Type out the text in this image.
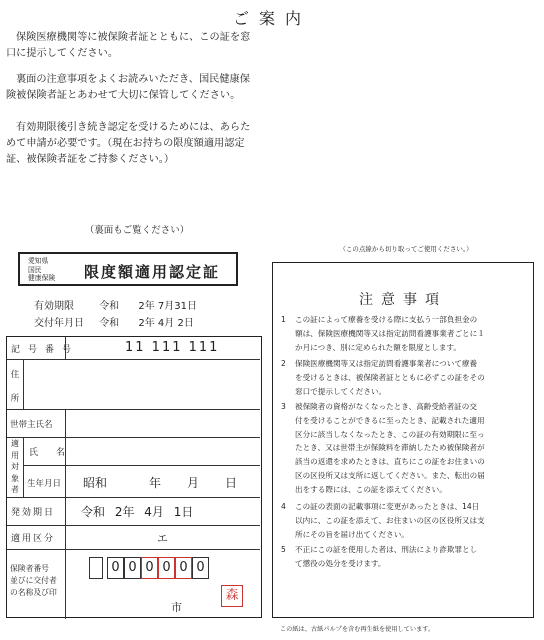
ご案内
保険医療機関等に被保険者証とともに、この証を窓
口に提示してください。
裏面の注意事項をよくお読みいただき、国民健康保
険被保険者証とあわせて大切に保管してください。
有効期限後引き続き認定を受けるためには、あらた
めて申請が必要です。（現在お持ちの限度額適用認定
証、被保険者証をご持参ください。）
（裏面もご覧ください）
（この点線から切り取ってご使用ください。）
愛知県
国民
健康保険 限度額適用認定証
有効期限	令和 2年 7月31日
交付年月日 令和 2年 4月 2日
記号番号	11 111 111
住

所
世帯主氏名
適
用
対
象
者
氏名
生年月日 昭和	年 月 日
発効期日 令和 2年 4月 1日
適用区分	エ
保険者番号
並びに交付者
の名称及び印
0 0 0 0 0 0
市
森
注意事項
1	この証によって療養を受ける際に支払う一部負担金の
額は、保険医療機関等又は指定訪問看護事業者ごとに１
か月につき、別に定められた額を限度とします。
2	保険医療機関等又は指定訪問看護事業者について療養
を受けるときは、被保険者証とともに必ずこの証をその
窓口で提示してください。
3	被保険者の資格がなくなったとき、高齢受給者証の交
付を受けることができるに至ったとき、記載された適用
区分に該当しなくなったとき、この証の有効期限に至っ
たとき、又は世帯主が保険料を滞納したため被保険者が
該当の返還を求めたときは、直ちにこの証をお住まいの
区の区役所又は支所に返してください。また、転出の届
出をする際には、この証を添えてください。
4	この証の表面の記載事項に変更があったときは、14日
以内に、この証を添えて、お住まいの区の区役所又は支
所にその旨を届け出てください。
5	不正にこの証を使用した者は、刑法により詐欺罪とし
て懲役の処分を受けます。
この紙は、古紙パルプを含む再生紙を使用しています。
